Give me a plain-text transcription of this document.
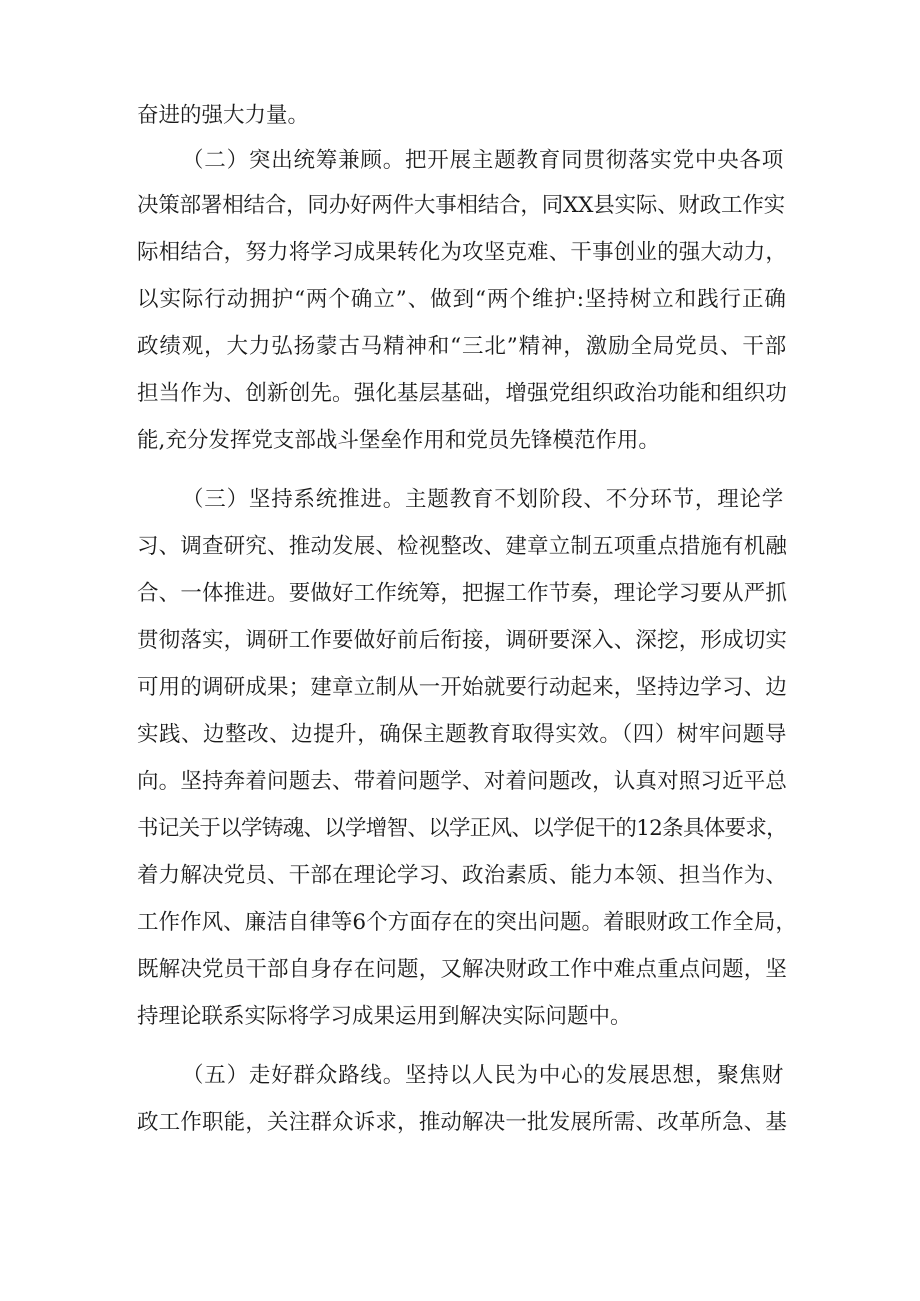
奋进的强大力量。
（二）突出统筹兼顾。把开展主题教育同贯彻落实党中央各项
决策部署相结合，同办好两件大事相结合，同XX县实际、财政工作实
际相结合，努力将学习成果转化为攻坚克难、干事创业的强大动力，
以实际行动拥护“两个确立”、做到“两个维护:坚持树立和践行正确
政绩观，大力弘扬蒙古马精神和“三北”精神，激励全局党员、干部
担当作为、创新创先。强化基层基础，增强党组织政治功能和组织功
能,充分发挥党支部战斗堡垒作用和党员先锋模范作用。
（三）坚持系统推进。主题教育不划阶段、不分环节，理论学
习、调查研究、推动发展、检视整改、建章立制五项重点措施有机融
合、一体推进。要做好工作统筹，把握工作节奏，理论学习要从严抓
贯彻落实，调研工作要做好前后衔接，调研要深入、深挖，形成切实
可用的调研成果；建章立制从一开始就要行动起来，坚持边学习、边
实践、边整改、边提升，确保主题教育取得实效。（四）树牢问题导
向。坚持奔着问题去、带着问题学、对着问题改，认真对照习近平总
书记关于以学铸魂、以学增智、以学正风、以学促干的12条具体要求，
着力解决党员、干部在理论学习、政治素质、能力本领、担当作为、
工作作风、廉洁自律等6个方面存在的突出问题。着眼财政工作全局，
既解决党员干部自身存在问题，又解决财政工作中难点重点问题，坚
持理论联系实际将学习成果运用到解决实际问题中。
（五）走好群众路线。坚持以人民为中心的发展思想，聚焦财
政工作职能，关注群众诉求，推动解决一批发展所需、改革所急、基
